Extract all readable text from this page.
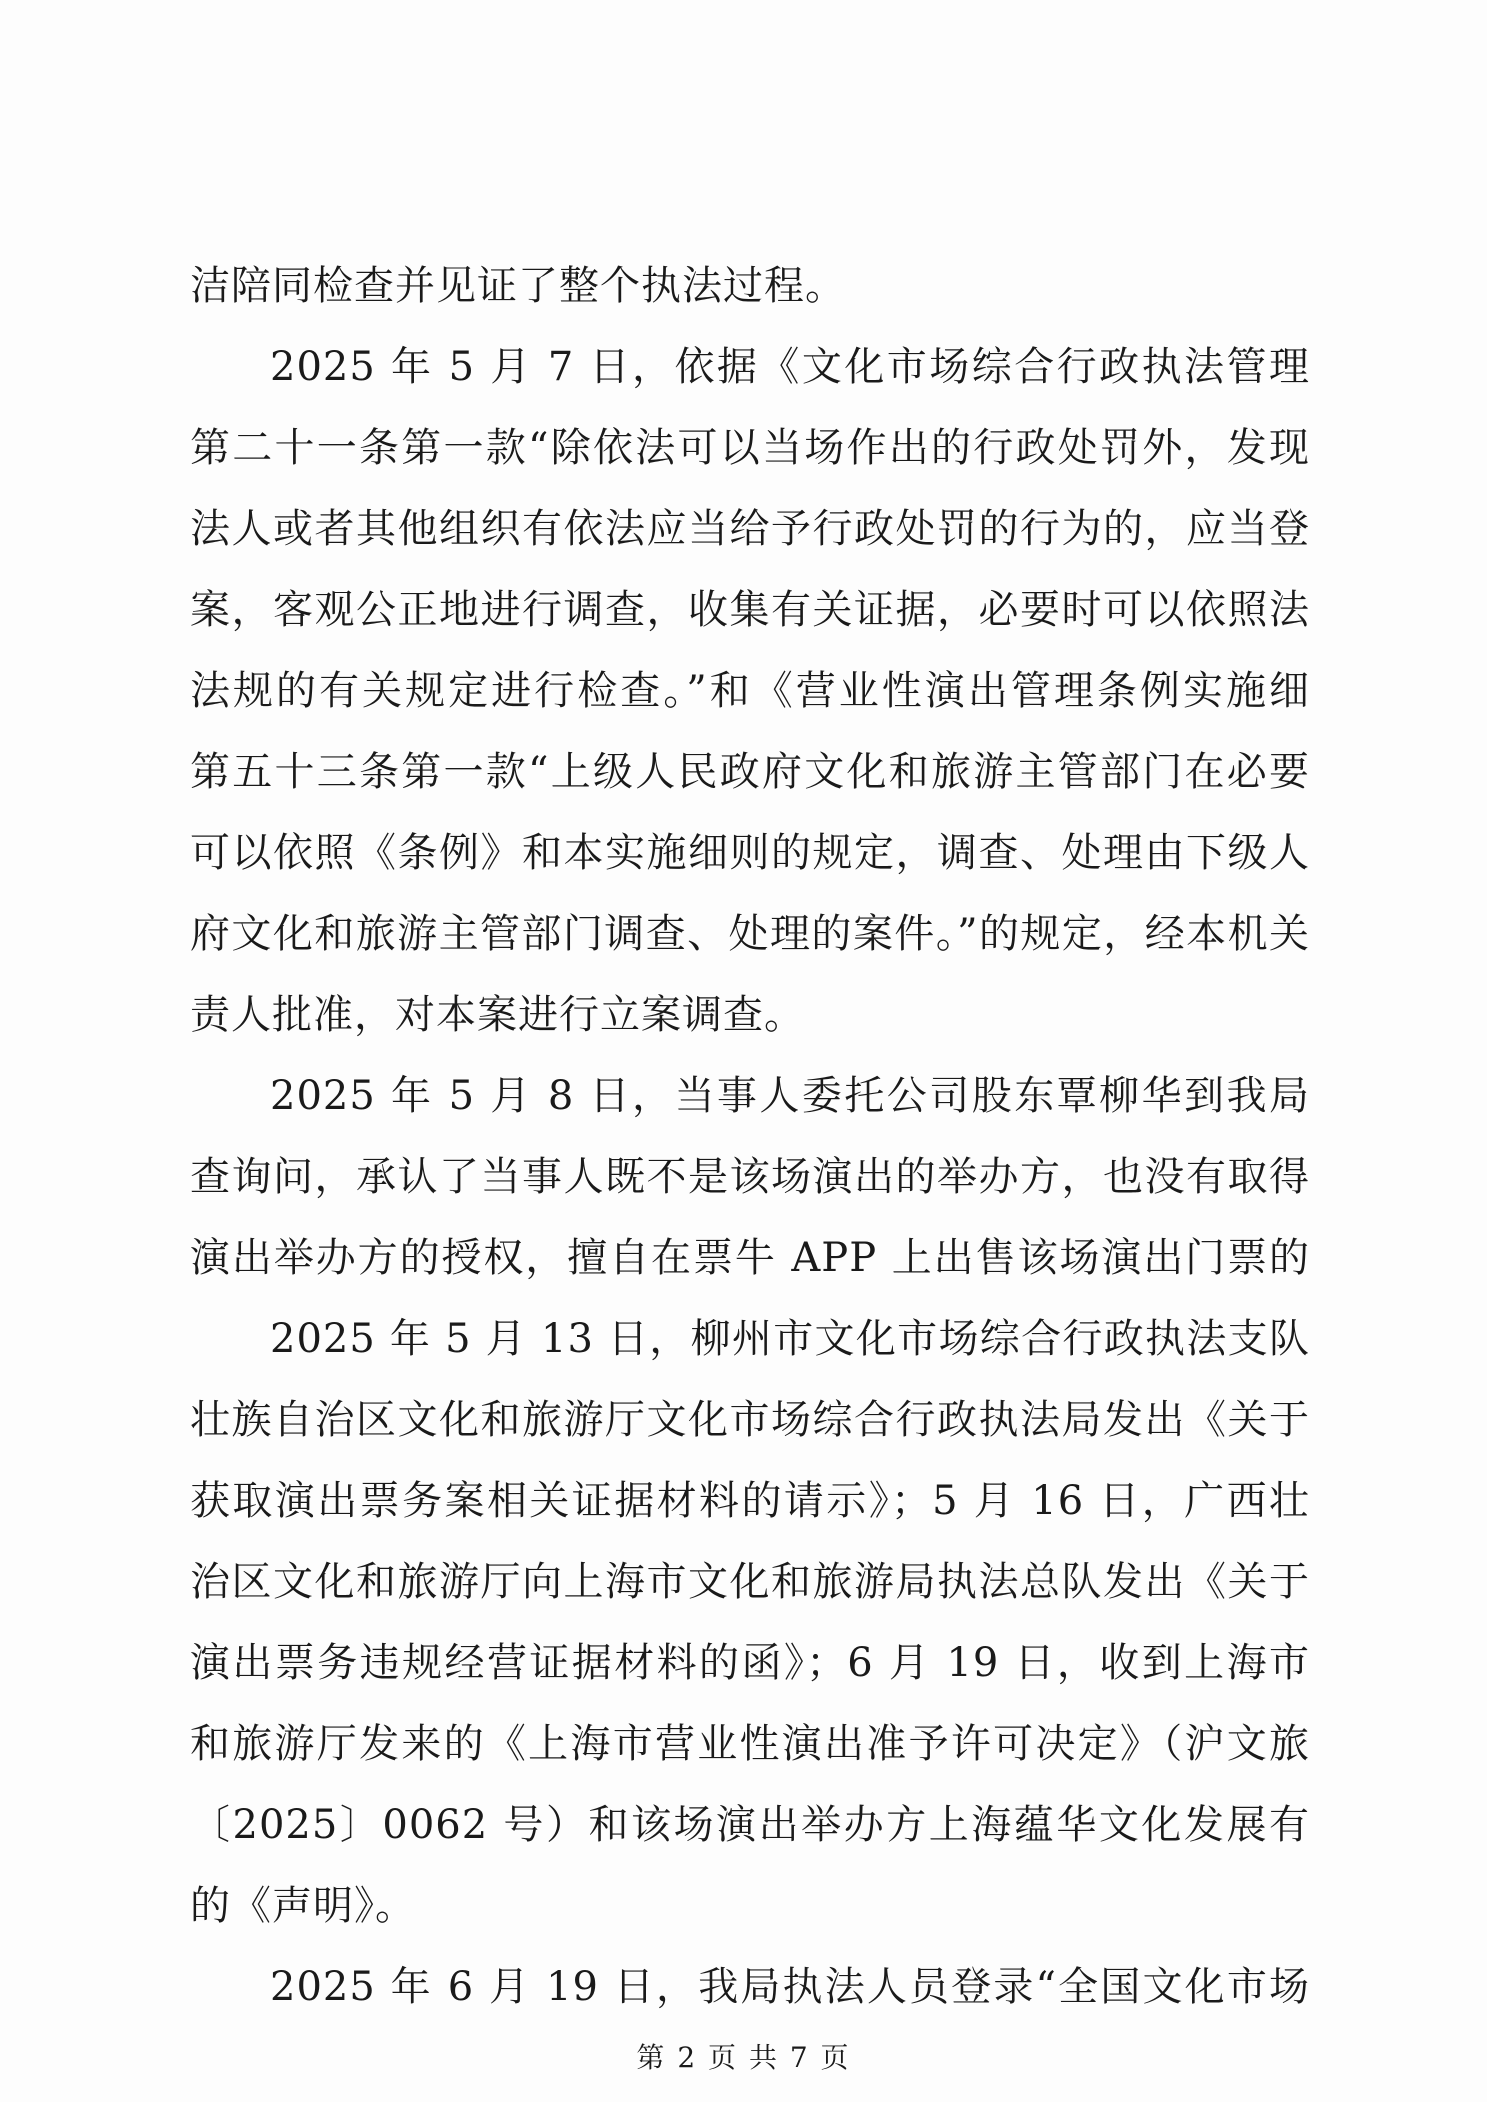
洁陪同检查并见证了整个执法过程。
2025 年 5 月 7 日，依据《文化市场综合行政执法管理
第二十一条第一款“除依法可以当场作出的行政处罚外，发现
法人或者其他组织有依法应当给予行政处罚的行为的，应当登
案，客观公正地进行调查，收集有关证据，必要时可以依照法
法规的有关规定进行检查。”和《营业性演出管理条例实施细
第五十三条第一款“上级人民政府文化和旅游主管部门在必要
可以依照《条例》和本实施细则的规定，调查、处理由下级人
府文化和旅游主管部门调查、处理的案件。”的规定，经本机关
责人批准，对本案进行立案调查。
2025 年 5 月 8 日，当事人委托公司股东覃柳华到我局
查询问，承认了当事人既不是该场演出的举办方，也没有取得
演出举办方的授权，擅自在票牛 APP 上出售该场演出门票的
2025 年 5 月 13 日，柳州市文化市场综合行政执法支队
壮族自治区文化和旅游厅文化市场综合行政执法局发出《关于
获取演出票务案相关证据材料的请示》；5 月 16 日，广西壮
治区文化和旅游厅向上海市文化和旅游局执法总队发出《关于
演出票务违规经营证据材料的函》；6 月 19 日，收到上海市
和旅游厅发来的《上海市营业性演出准予许可决定》（沪文旅
〔2025〕0062 号）和该场演出举办方上海蕴华文化发展有
的《声明》。
2025 年 6 月 19 日，我局执法人员登录“全国文化市场
第 2 页 共 7 页
